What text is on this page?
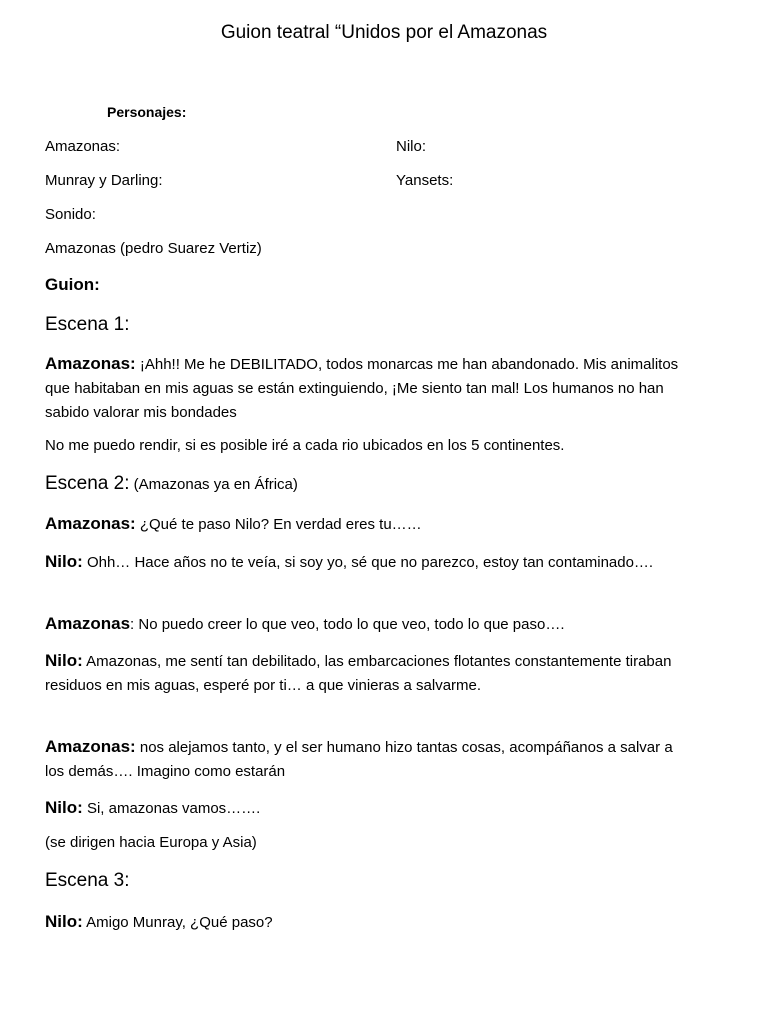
Guion teatral “Unidos por el Amazonas
Personajes:
Amazonas:	Nilo:
Munray y Darling:	Yansets:
Sonido:
Amazonas (pedro Suarez Vertiz)
Guion:
Escena 1:
Amazonas: ¡Ahh!! Me he DEBILITADO, todos monarcas me han abandonado. Mis animalitos que habitaban en mis aguas se están extinguiendo, ¡Me siento tan mal! Los humanos no han sabido valorar mis bondades
No me puedo rendir, si es posible iré a cada rio ubicados en los 5 continentes.
Escena 2: (Amazonas ya en África)
Amazonas: ¿Qué te paso Nilo? En verdad eres tu……
Nilo: Ohh… Hace años no te veía, si soy yo, sé que no parezco, estoy tan contaminado….
Amazonas: No puedo creer lo que veo, todo lo que veo, todo lo que paso….
Nilo: Amazonas, me sentí tan debilitado, las embarcaciones flotantes constantemente tiraban residuos en mis aguas, esperé por ti… a que vinieras a salvarme.
Amazonas: nos alejamos tanto, y el ser humano hizo tantas cosas, acompáñanos a salvar a los demás…. Imagino como estarán
Nilo: Si, amazonas vamos…….
(se dirigen hacia Europa y Asia)
Escena 3:
Nilo: Amigo Munray, ¿Qué paso?
